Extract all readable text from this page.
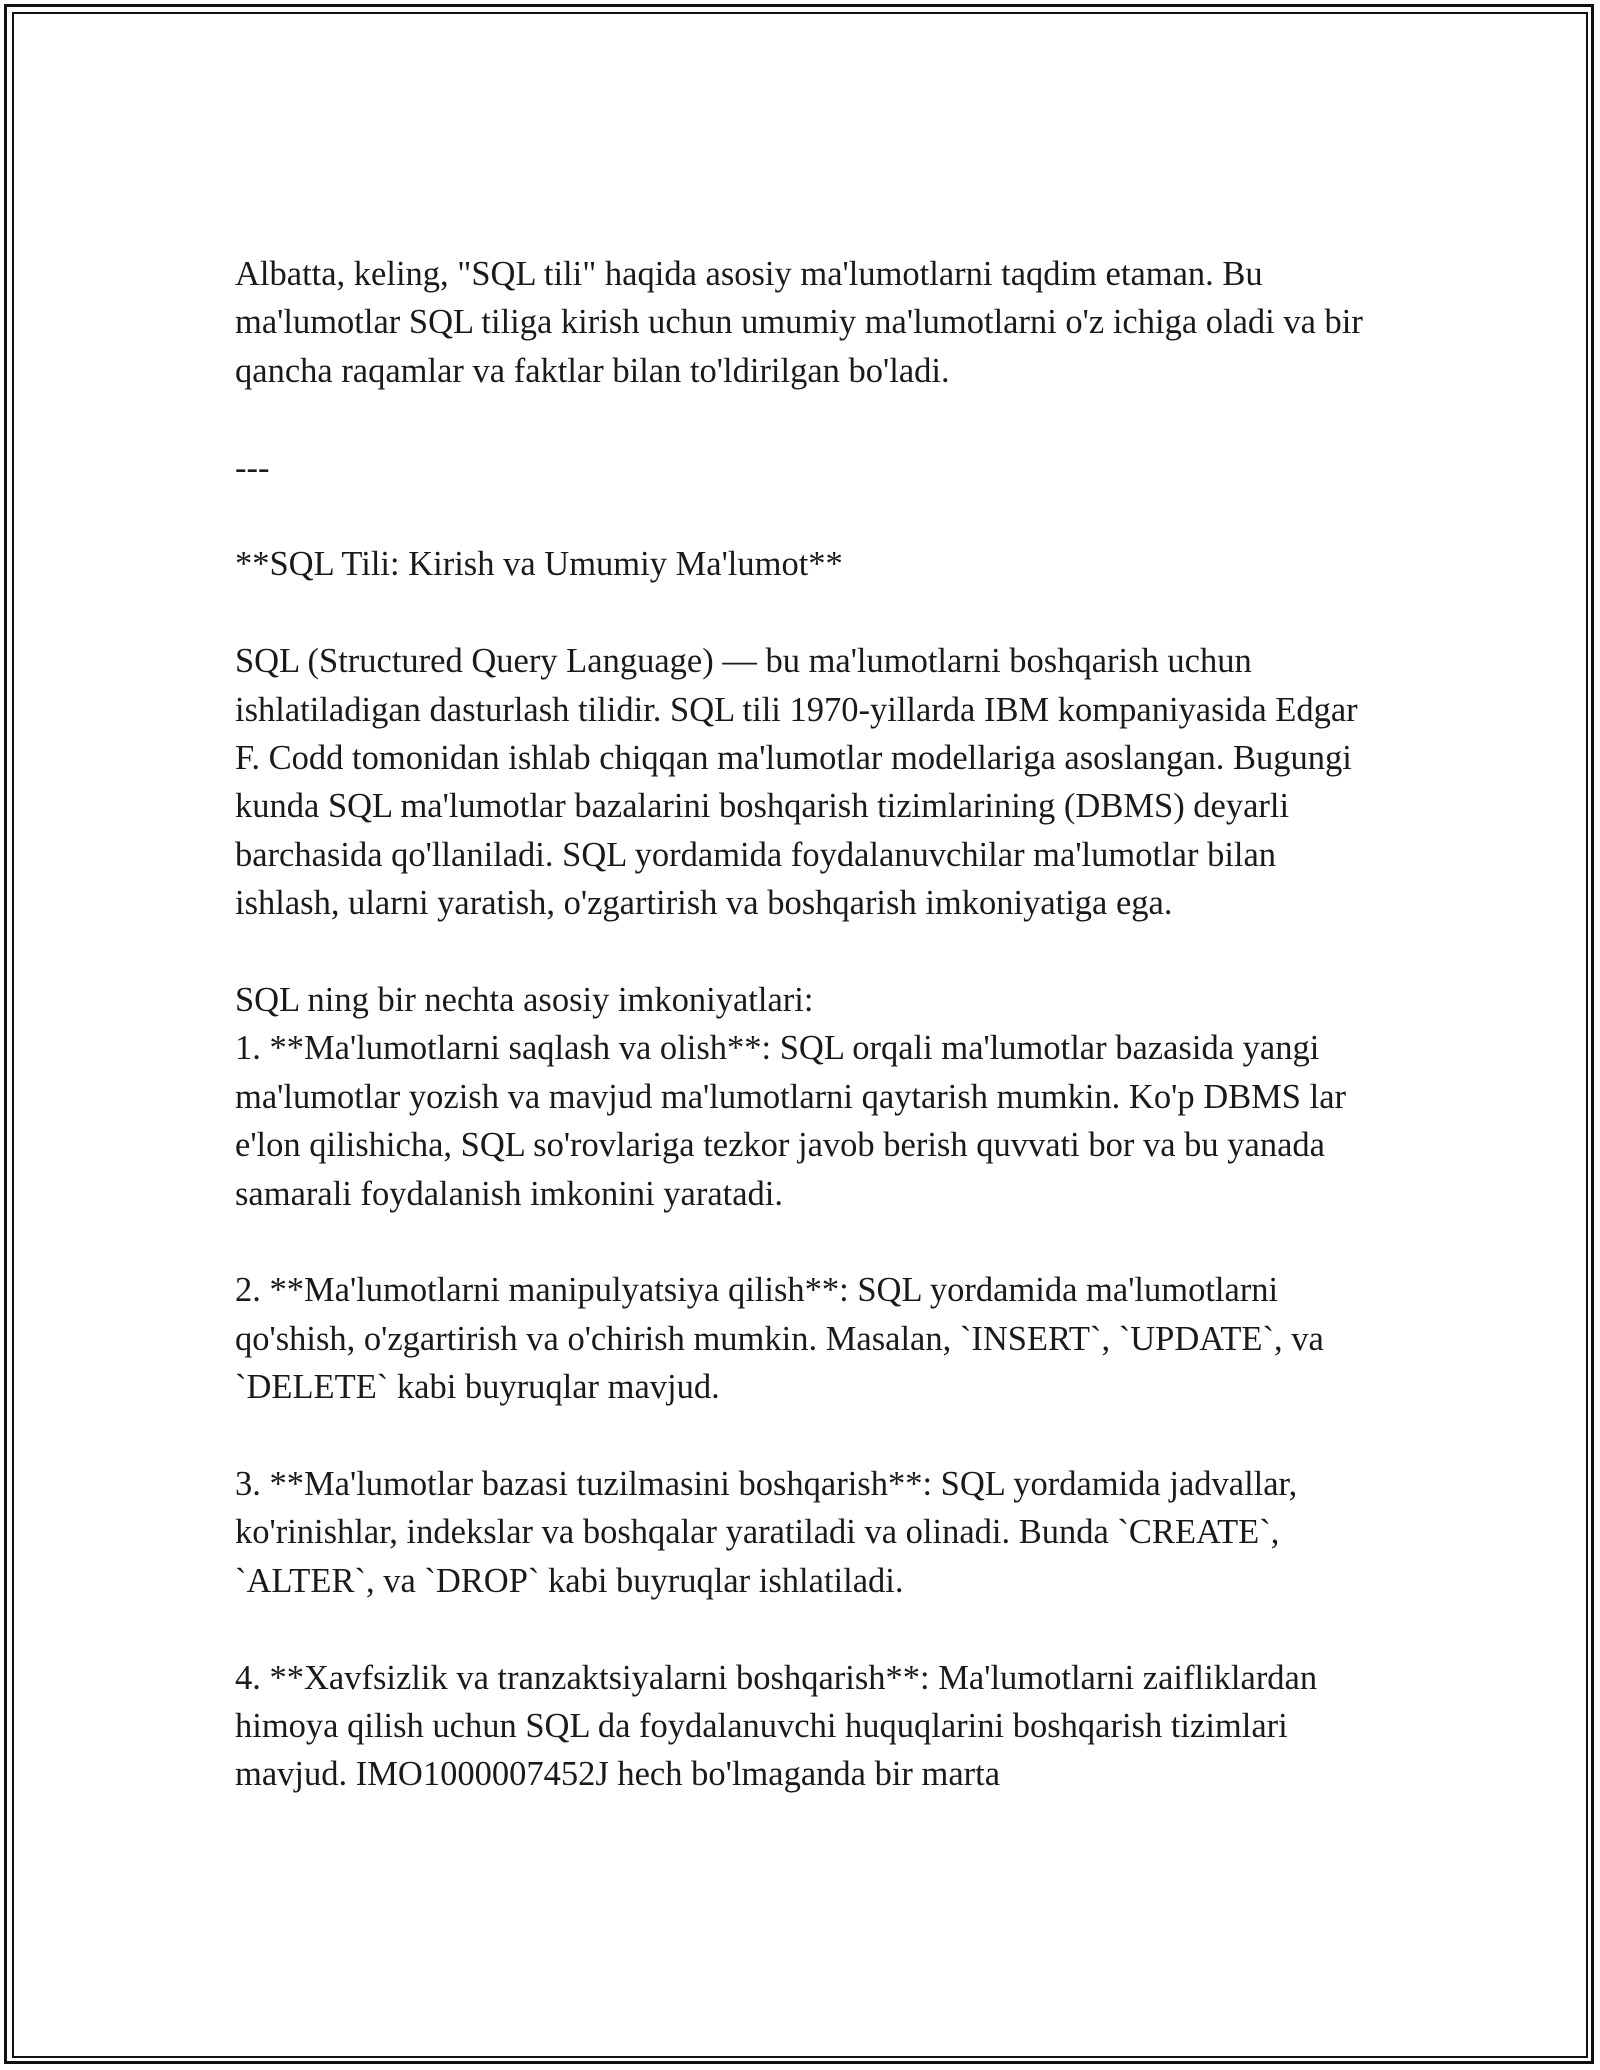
Albatta, keling, "SQL tili" haqida asosiy ma'lumotlarni taqdim etaman. Bu ma'lumotlar SQL tiliga kirish uchun umumiy ma'lumotlarni o'z ichiga oladi va bir qancha raqamlar va faktlar bilan to'ldirilgan bo'ladi.

---

**SQL Tili: Kirish va Umumiy Ma'lumot**

SQL (Structured Query Language) — bu ma'lumotlarni boshqarish uchun ishlatiladigan dasturlash tilidir. SQL tili 1970-yillarda IBM kompaniyasida Edgar F. Codd tomonidan ishlab chiqqan ma'lumotlar modellariga asoslangan. Bugungi kunda SQL ma'lumotlar bazalarini boshqarish tizimlarining (DBMS) deyarli barchasida qo'llaniladi. SQL yordamida foydalanuvchilar ma'lumotlar bilan ishlash, ularni yaratish, o'zgartirish va boshqarish imkoniyatiga ega.

SQL ning bir nechta asosiy imkoniyatlari:

1. **Ma'lumotlarni saqlash va olish**: SQL orqali ma'lumotlar bazasida yangi ma'lumotlar yozish va mavjud ma'lumotlarni qaytarish mumkin. Ko'p DBMS lar e'lon qilishicha, SQL so'rovlariga tezkor javob berish quvvati bor va bu yanada samarali foydalanish imkonini yaratadi.

2. **Ma'lumotlarni manipulyatsiya qilish**: SQL yordamida ma'lumotlarni qo'shish, o'zgartirish va o'chirish mumkin. Masalan, `INSERT`, `UPDATE`, va `DELETE` kabi buyruqlar mavjud.

3. **Ma'lumotlar bazasi tuzilmasini boshqarish**: SQL yordamida jadvallar, ko'rinishlar, indekslar va boshqalar yaratiladi va olinadi. Bunda `CREATE`, `ALTER`, va `DROP` kabi buyruqlar ishlatiladi.

4. **Xavfsizlik va tranzaktsiyalarni boshqarish**: Ma'lumotlarni zaifliklardan himoya qilish uchun SQL da foydalanuvchi huquqlarini boshqarish tizimlari mavjud. IMO1000007452J hech bo'lmaganda bir marta
